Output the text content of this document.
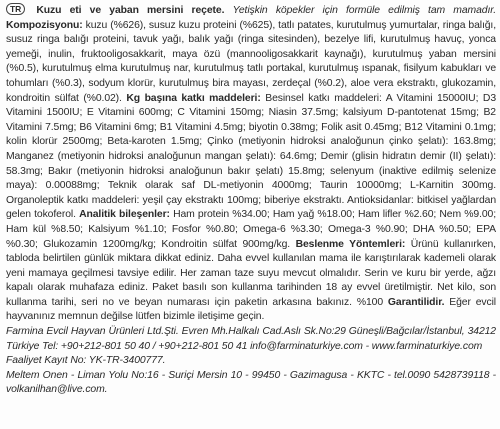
TR Kuzu eti ve yaban mersini reçete. Yetişkin köpekler için formüle edilmiş tam mamadır. Kompozisyonu: kuzu (%626), susuz kuzu proteini (%625), tatlı patates, kurutulmuş yumurtalar, ringa balığı, susuz ringa balığı proteini, tavuk yağı, balık yağı (ringa sitesinden), bezelye lifi, kurutulmuş havuç, yonca yemeği, inulin, fruktooligosakkarit, maya özü (mannooligosakkarit kaynağı), kurutulmuş yaban mersini (%0.5), kurutulmuş elma kurutulmuş nar, kurutulmuş tatlı portakal, kurutulmuş ıspanak, fisilyum kabukları ve tohumları (%0.3), sodyum klorür, kurutulmuş bira mayası, zerdeçal (%0.2), aloe vera ekstraktı, glukozamin, kondroitin sülfat (%0.02). Kg başına katkı maddeleri: Besinsel katkı maddeleri: A Vitamini 15000IU; D3 Vitamini 1500IU; E Vitamini 600mg; C Vitamini 150mg; Niasin 37.5mg; kalsiyum D-pantotenat 15mg; B2 Vitamini 7.5mg; B6 Vitamini 6mg; B1 Vitamini 4.5mg; biyotin 0.38mg; Folik asit 0.45mg; B12 Vitamini 0.1mg; kolin klorür 2500mg; Beta-karoten 1.5mg; Çinko (metiyonin hidroksi analoğunun çinko şelatı): 163.8mg; Manganez (metiyonin hidroksi analoğunun mangan şelatı): 64.6mg; Demir (glisin hidratın demir (II) şelatı): 58.3mg; Bakır (metiyonin hidroksi analoğunun bakır şelatı) 15.8mg; selenyum (inaktive edilmiş selenize maya): 0.00088mg; Teknik olarak saf DL-metiyonin 4000mg; Taurin 10000mg; L-Karnitin 300mg. Organoleptik katkı maddeleri: yeşil çay ekstraktı 100mg; biberiye ekstraktı. Antioksidanlar: bitkisel yağlardan gelen tokoferol. Analitik bileşenler: Ham protein %34.00; Ham yağ %18.00; Ham lifler %2.60; Nem %9.00; Ham kül %8.50; Kalsiyum %1.10; Fosfor %0.80; Omega-6 %3.30; Omega-3 %0.90; DHA %0.50; EPA %0.30; Glukozamin 1200mg/kg; Kondroitin sülfat 900mg/kg. Beslenme Yöntemleri: Ürünü kullanırken, tabloda belirtilen günlük miktara dikkat ediniz. Daha evvel kullanılan mama ile karıştırılarak kademeli olarak yeni mamaya geçilmesi tavsiye edilir. Her zaman taze suyu mevcut olmalıdır. Serin ve kuru bir yerde, ağzı kapalı olarak muhafaza ediniz. Paket basılı son kullanma tarihinden 18 ay evvel üretilmiştir. Net kilo, son kullanma tarihi, seri no ve beyan numarası için paketin arkasına bakınız. %100 Garantilidir. Eğer evcil hayvanınız memnun değilse lütfen bizimle iletişime geçin.

Farmina Evcil Hayvan Ürünleri Ltd.Şti. Evren Mh.Halkalı Cad.Aslı Sk.No:29 Güneşli/Bağcılar/İstanbul, 34212 Türkiye Tel: +90+212-801 50 40 / +90+212-801 50 41 info@farminaturkiye.com - www.farminaturkiye.com
Faaliyet Kayıt No: YK-TR-3400777.

Meltem Onen - Liman Yolu No:16 - Suriçi Mersin 10 - 99450 - Gazimagusa - KKTC - tel.0090 5428739118 - volkanilhan@live.com.
